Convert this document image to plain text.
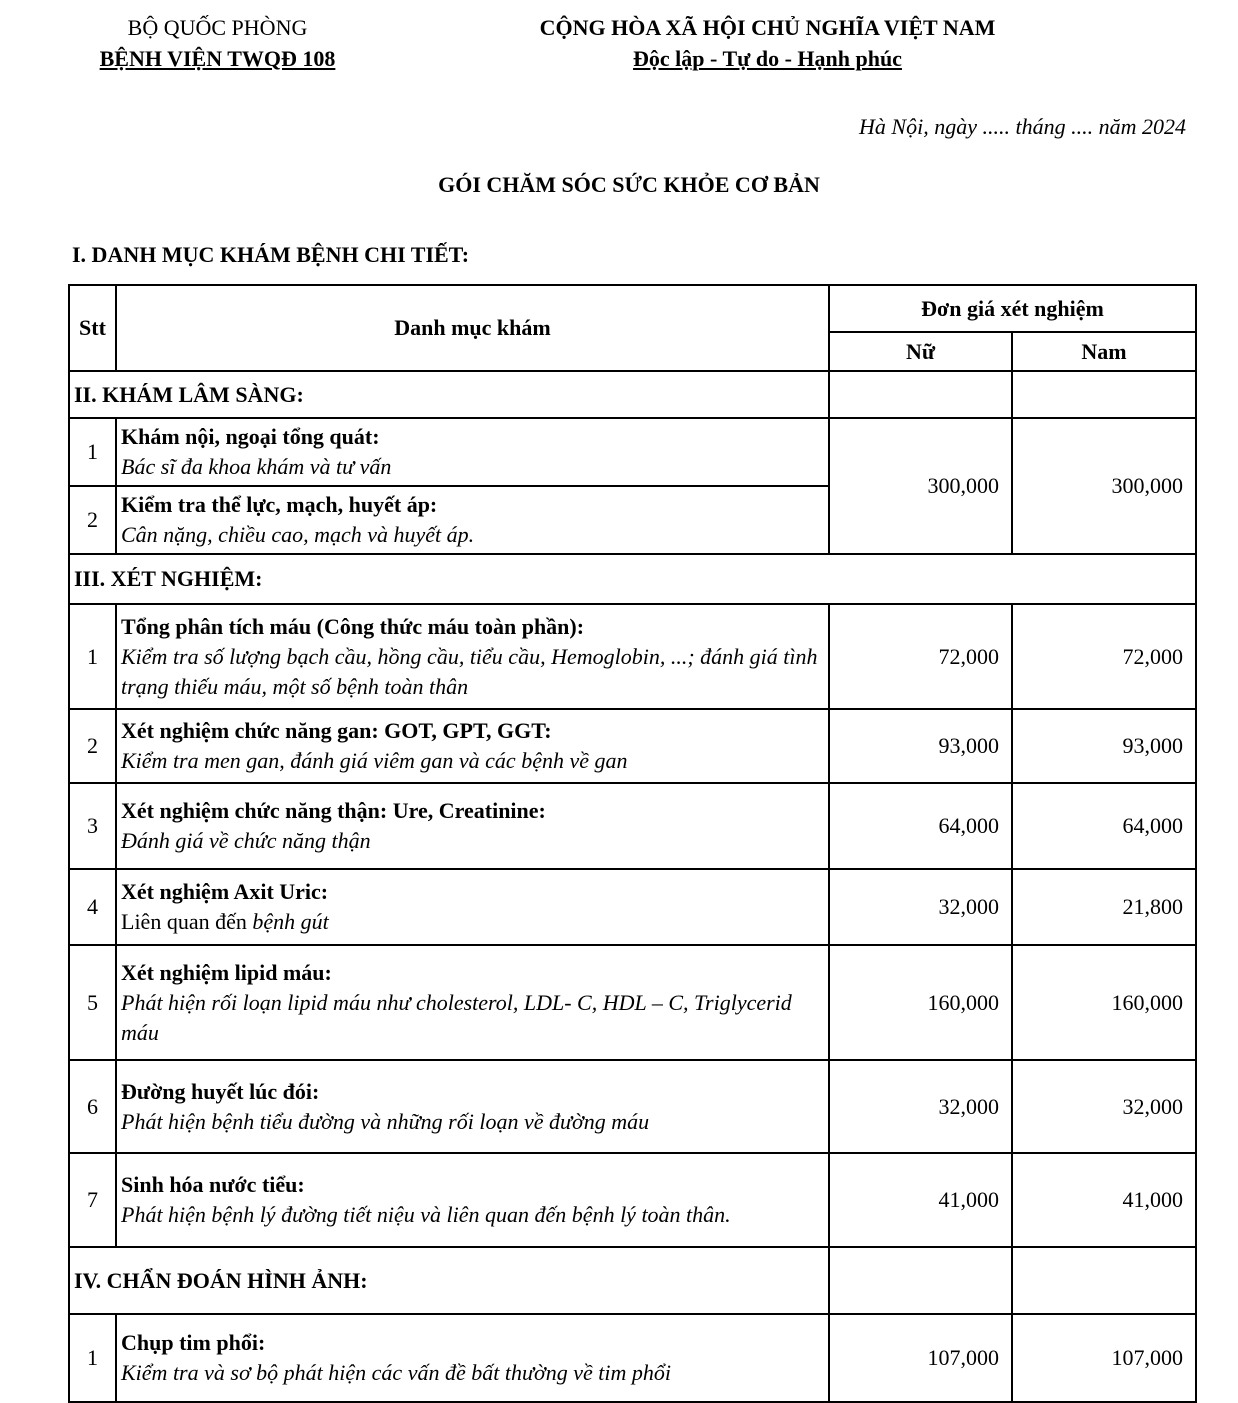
BỘ QUỐC PHÒNG
BỆNH VIỆN TWQĐ 108
CỘNG HÒA XÃ HỘI CHỦ NGHĨA VIỆT NAM
Độc lập - Tự do - Hạnh phúc
Hà Nội, ngày ..... tháng .... năm 2024
GÓI CHĂM SÓC SỨC KHỎE CƠ BẢN
I. DANH MỤC KHÁM BỆNH CHI TIẾT:
Stt	Danh mục khám	Đơn giá xét nghiệm	
		Nữ	Nam
II. KHÁM LÂM SÀNG:			
1	Khám nội, ngoại tổng quát:
Bác sĩ đa khoa khám và tư vấn	300,000	300,000
2	Kiểm tra thể lực, mạch, huyết áp:
Cân nặng, chiều cao, mạch và huyết áp.		

III. XÉT NGHIỆM:			
1	Tổng phân tích máu (Công thức máu toàn phần):
Kiểm tra số lượng bạch cầu, hồng cầu, tiểu cầu, Hemoglobin, ...; đánh giá tình trạng thiếu máu, một số bệnh toàn thân	72,000	72,000
2	Xét nghiệm chức năng gan: GOT, GPT, GGT:
Kiểm tra men gan, đánh giá viêm gan và các bệnh về gan	93,000	93,000
3	Xét nghiệm chức năng thận: Ure, Creatinine:
Đánh giá về chức năng thận	64,000	64,000
4	Xét nghiệm Axit Uric:
Liên quan đến bệnh gút	32,000	21,800
5	Xét nghiệm lipid máu:
Phát hiện rối loạn lipid máu như cholesterol, LDL- C, HDL – C, Triglycerid máu	160,000	160,000
6	Đường huyết lúc đói:
Phát hiện bệnh tiểu đường và những rối loạn về đường máu	32,000	32,000
7	Sinh hóa nước tiểu:
Phát hiện bệnh lý đường tiết niệu và liên quan đến bệnh lý toàn thân.	41,000	41,000
IV. CHẨN ĐOÁN HÌNH ẢNH:			
1	Chụp tim phổi:
Kiểm tra và sơ bộ phát hiện các vấn đề bất thường về tim phổi	107,000	107,000
